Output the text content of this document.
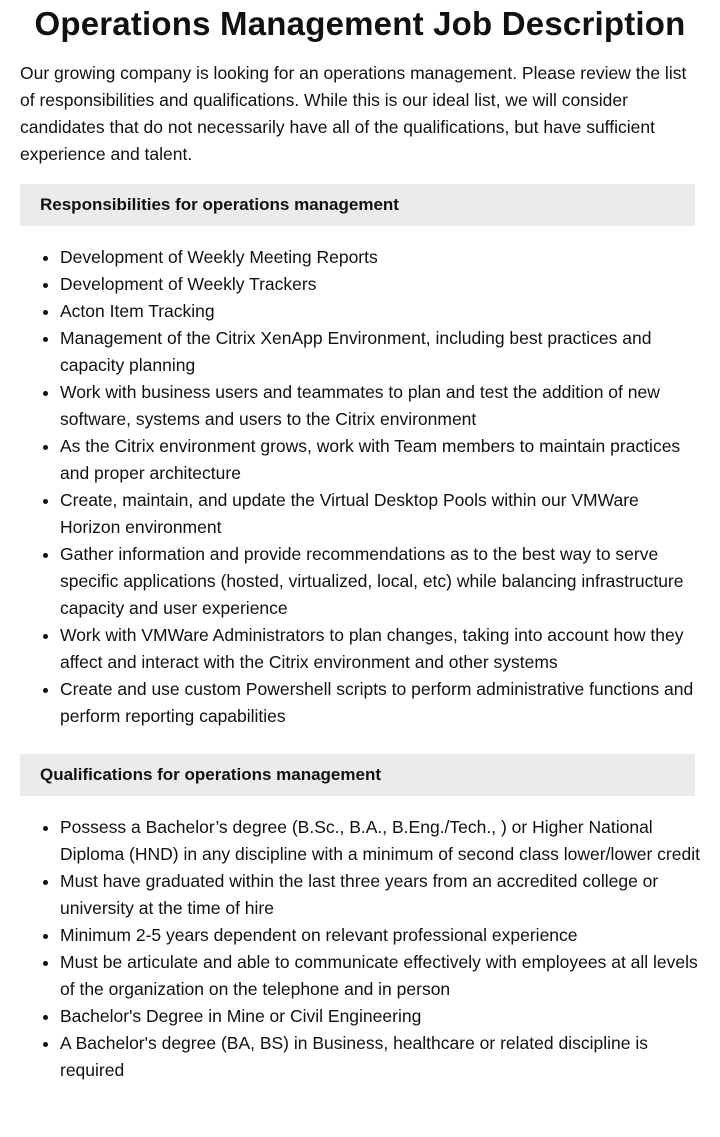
Operations Management Job Description

Our growing company is looking for an operations management. Please review the list of responsibilities and qualifications. While this is our ideal list, we will consider candidates that do not necessarily have all of the qualifications, but have sufficient experience and talent.

Responsibilities for operations management
• Development of Weekly Meeting Reports
• Development of Weekly Trackers
• Acton Item Tracking
• Management of the Citrix XenApp Environment, including best practices and capacity planning
• Work with business users and teammates to plan and test the addition of new software, systems and users to the Citrix environment
• As the Citrix environment grows, work with Team members to maintain practices and proper architecture
• Create, maintain, and update the Virtual Desktop Pools within our VMWare Horizon environment
• Gather information and provide recommendations as to the best way to serve specific applications (hosted, virtualized, local, etc) while balancing infrastructure capacity and user experience
• Work with VMWare Administrators to plan changes, taking into account how they affect and interact with the Citrix environment and other systems
• Create and use custom Powershell scripts to perform administrative functions and perform reporting capabilities
Qualifications for operations management
• Possess a Bachelor’s degree (B.Sc., B.A., B.Eng./Tech., ) or Higher National Diploma (HND) in any discipline with a minimum of second class lower/lower credit
• Must have graduated within the last three years from an accredited college or university at the time of hire
• Minimum 2-5 years dependent on relevant professional experience
• Must be articulate and able to communicate effectively with employees at all levels of the organization on the telephone and in person
• Bachelor's Degree in Mine or Civil Engineering
• A Bachelor's degree (BA, BS) in Business, healthcare or related discipline is required
